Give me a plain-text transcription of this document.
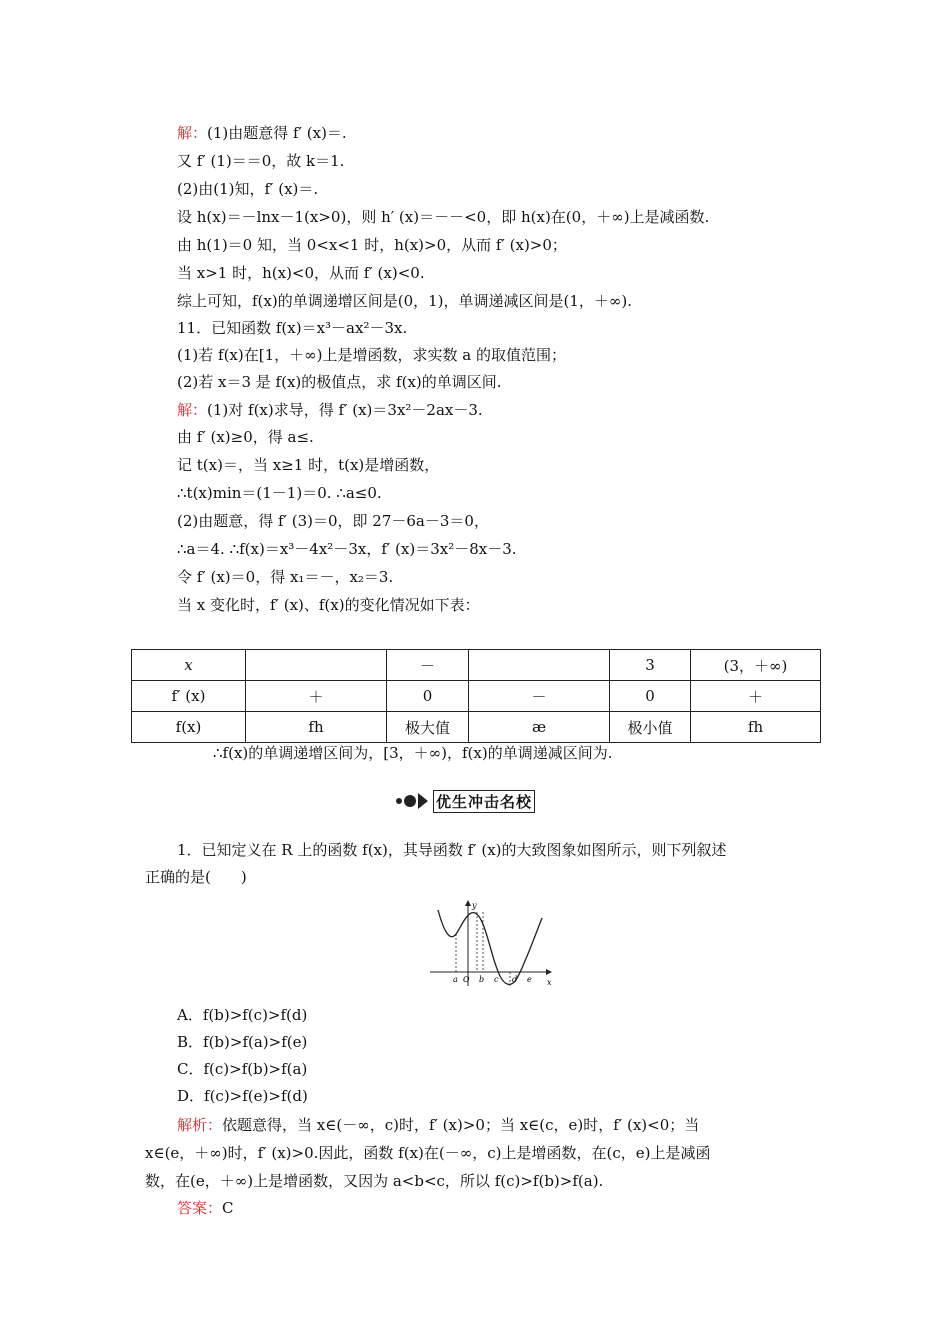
解：(1)由题意得 f′ (x)＝.
又 f′ (1)＝＝0，故 k＝1.
(2)由(1)知，f′ (x)＝.
设 h(x)＝－lnx－1(x>0)，则 h′ (x)＝－－<0，即 h(x)在(0，＋∞)上是减函数.
由 h(1)＝0 知，当 0<x<1 时，h(x)>0，从而 f′ (x)>0；
当 x>1 时，h(x)<0，从而 f′ (x)<0.
综上可知，f(x)的单调递增区间是(0，1)，单调递减区间是(1，＋∞).
11．已知函数 f(x)＝x³－ax²－3x.
(1)若 f(x)在[1，＋∞)上是增函数，求实数 a 的取值范围；
(2)若 x＝3 是 f(x)的极值点，求 f(x)的单调区间.
解：(1)对 f(x)求导，得 f′ (x)＝3x²－2ax－3.
由 f′ (x)≥0，得 a≤.
记 t(x)＝，当 x≥1 时，t(x)是增函数，
∴t(x)min＝(1－1)＝0. ∴a≤0.
(2)由题意，得 f′ (3)＝0，即 27－6a－3＝0，
∴a＝4. ∴f(x)＝x³－4x²－3x，f′ (x)＝3x²－8x－3.
令 f′ (x)＝0，得 x₁＝－，x₂＝3.
当 x 变化时，f′ (x)、f(x)的变化情况如下表：
x		－		3	(3，＋∞)
f′ (x)	＋	0	－	0	＋
f(x)	fh	极大值	æ	极小值	fh
∴f(x)的单调递增区间为，[3，＋∞)，f(x)的单调递减区间为.
优生冲击名校
1．已知定义在 R 上的函数 f(x)，其导函数 f′ (x)的大致图象如图所示，则下列叙述
正确的是(　　)
y
x
a O b c d e
A．f(b)>f(c)>f(d)
B．f(b)>f(a)>f(e)
C．f(c)>f(b)>f(a)
D．f(c)>f(e)>f(d)
解析：依题意得，当 x∈(－∞，c)时，f′ (x)>0；当 x∈(c，e)时，f′ (x)<0；当
x∈(e，＋∞)时，f′ (x)>0.因此，函数 f(x)在(－∞，c)上是增函数，在(c，e)上是减函
数，在(e，＋∞)上是增函数，又因为 a<b<c，所以 f(c)>f(b)>f(a).
答案：C
